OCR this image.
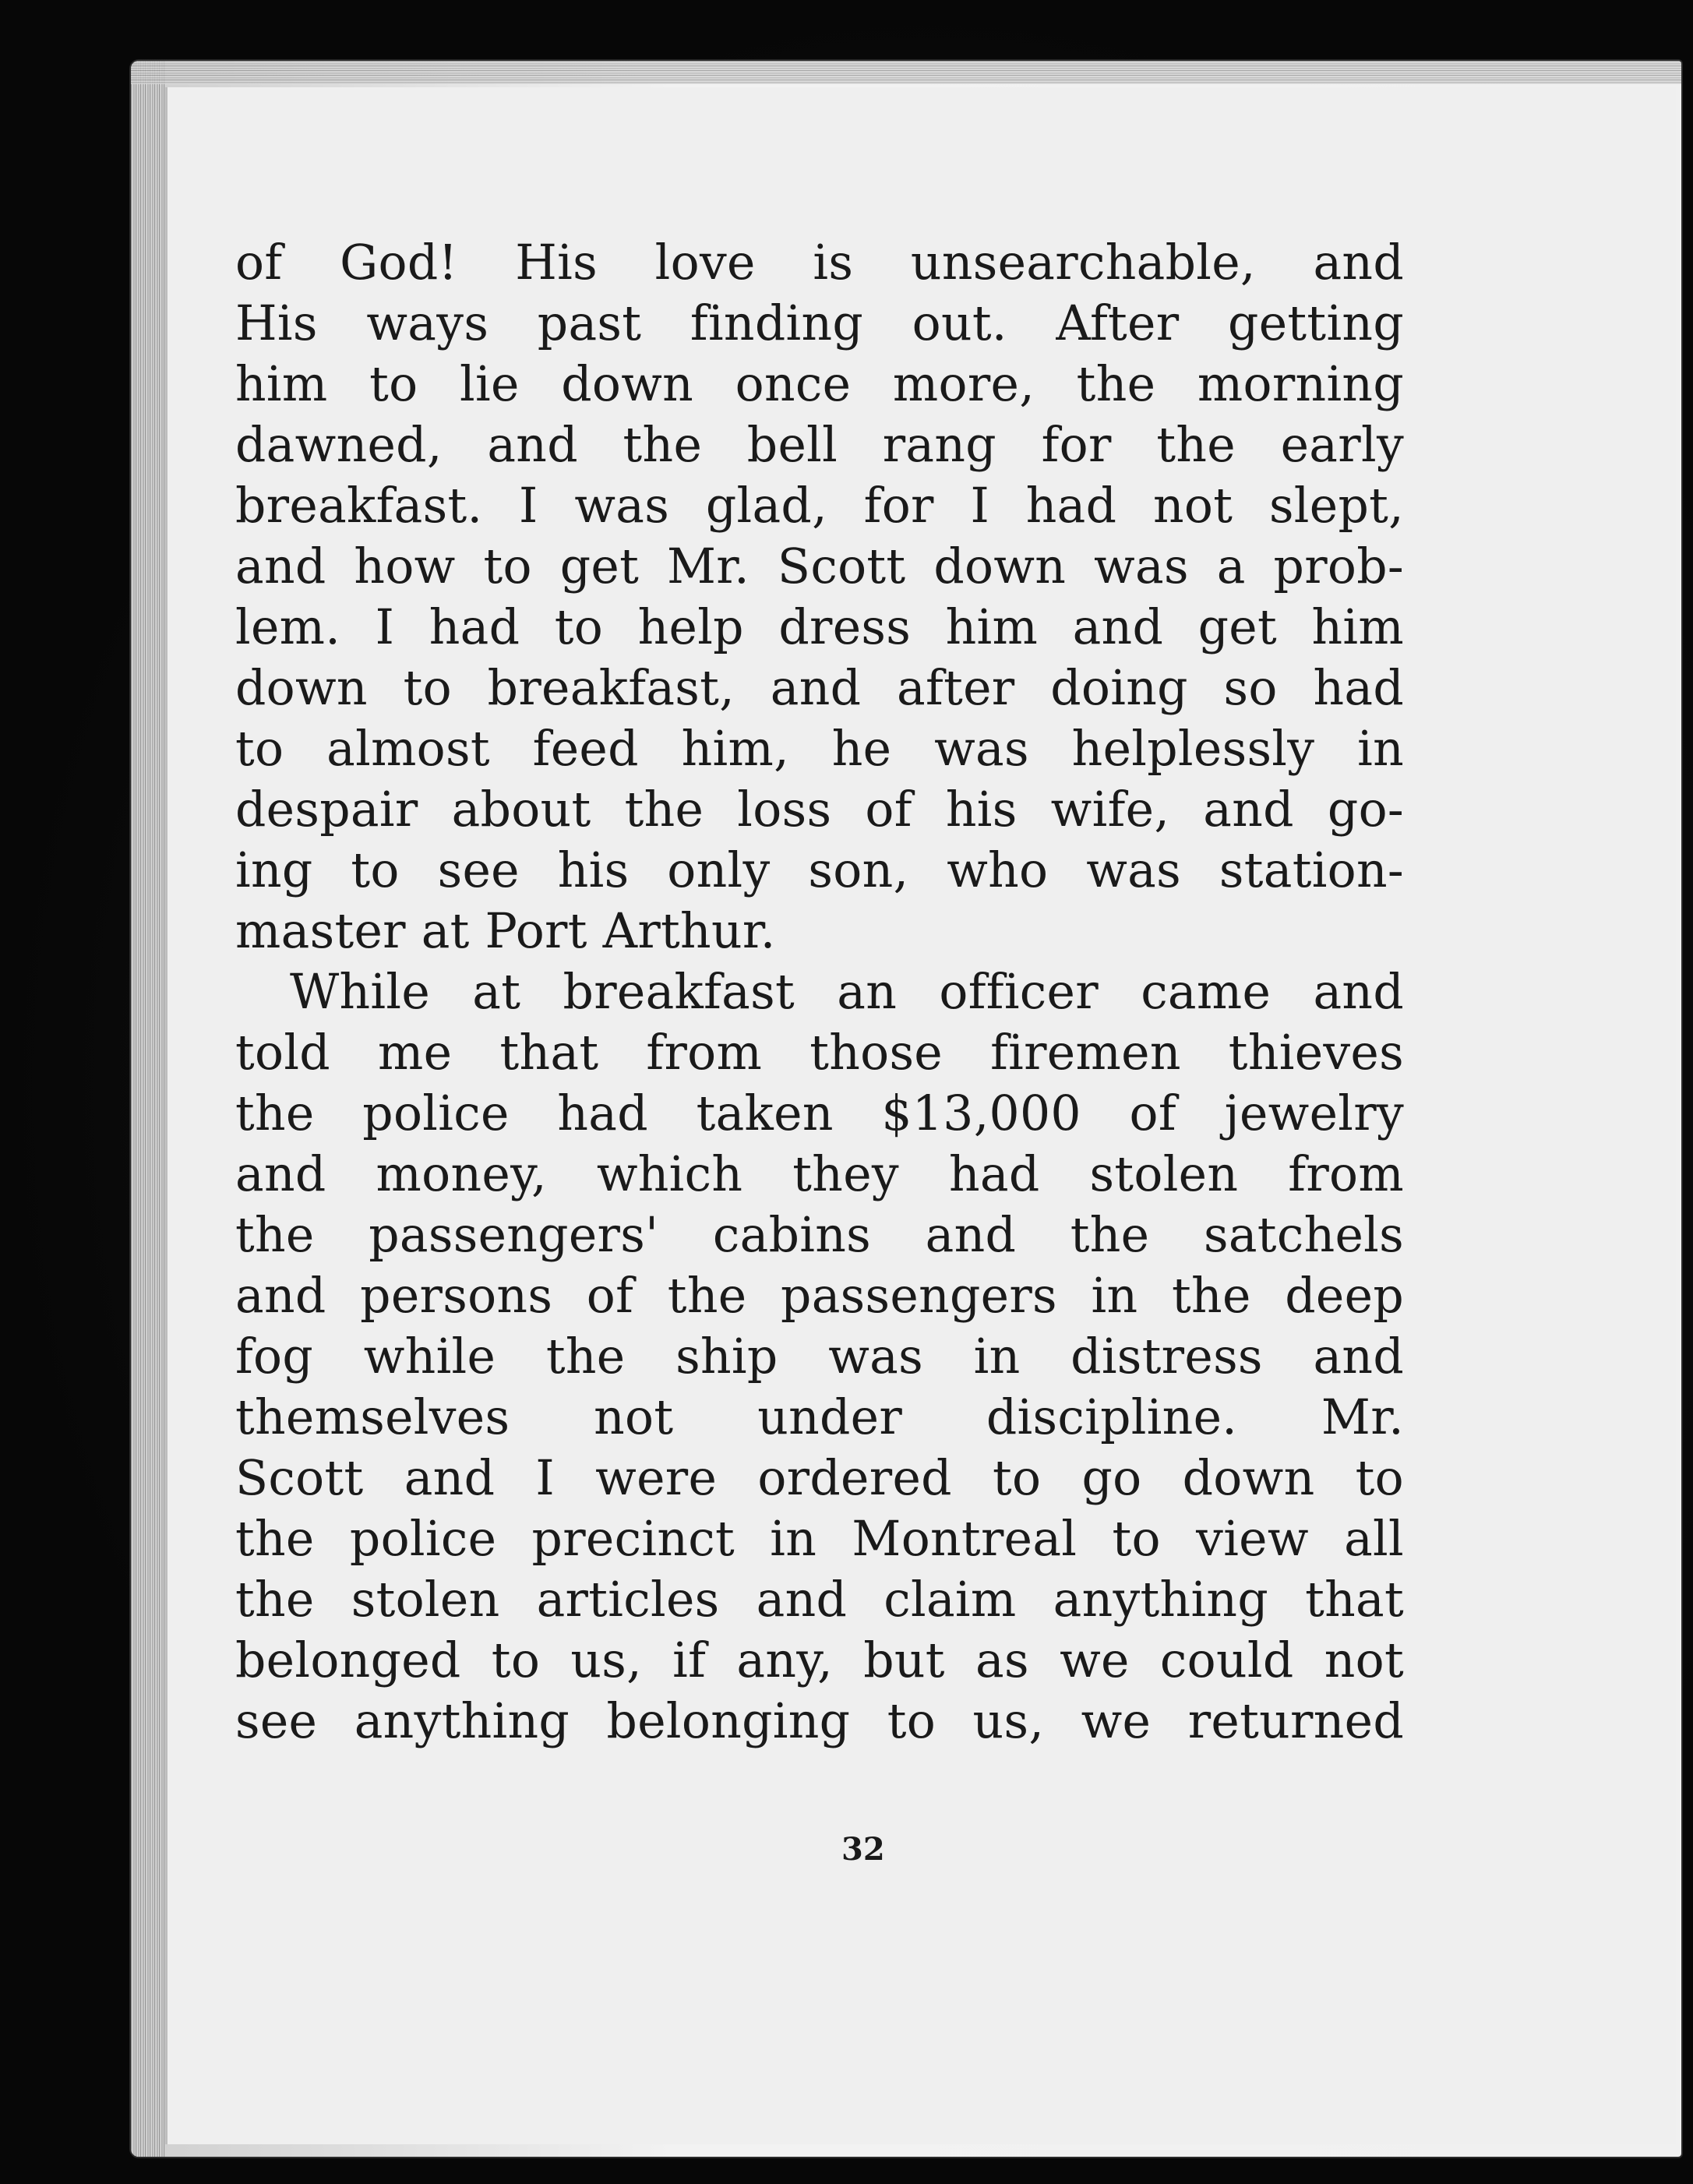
of God! His love is unsearchable, and
His ways past finding out. After getting
him to lie down once more, the morning
dawned, and the bell rang for the early
breakfast. I was glad, for I had not slept,
and how to get Mr. Scott down was a prob-
lem. I had to help dress him and get him
down to breakfast, and after doing so had
to almost feed him, he was helplessly in
despair about the loss of his wife, and go-
ing to see his only son, who was station-
master at Port Arthur.
While at breakfast an officer came and
told me that from those firemen thieves
the police had taken $13,000 of jewelry
and money, which they had stolen from
the passengers' cabins and the satchels
and persons of the passengers in the deep
fog while the ship was in distress and
themselves not under discipline. Mr.
Scott and I were ordered to go down to
the police precinct in Montreal to view all
the stolen articles and claim anything that
belonged to us, if any, but as we could not
see anything belonging to us, we returned
32
